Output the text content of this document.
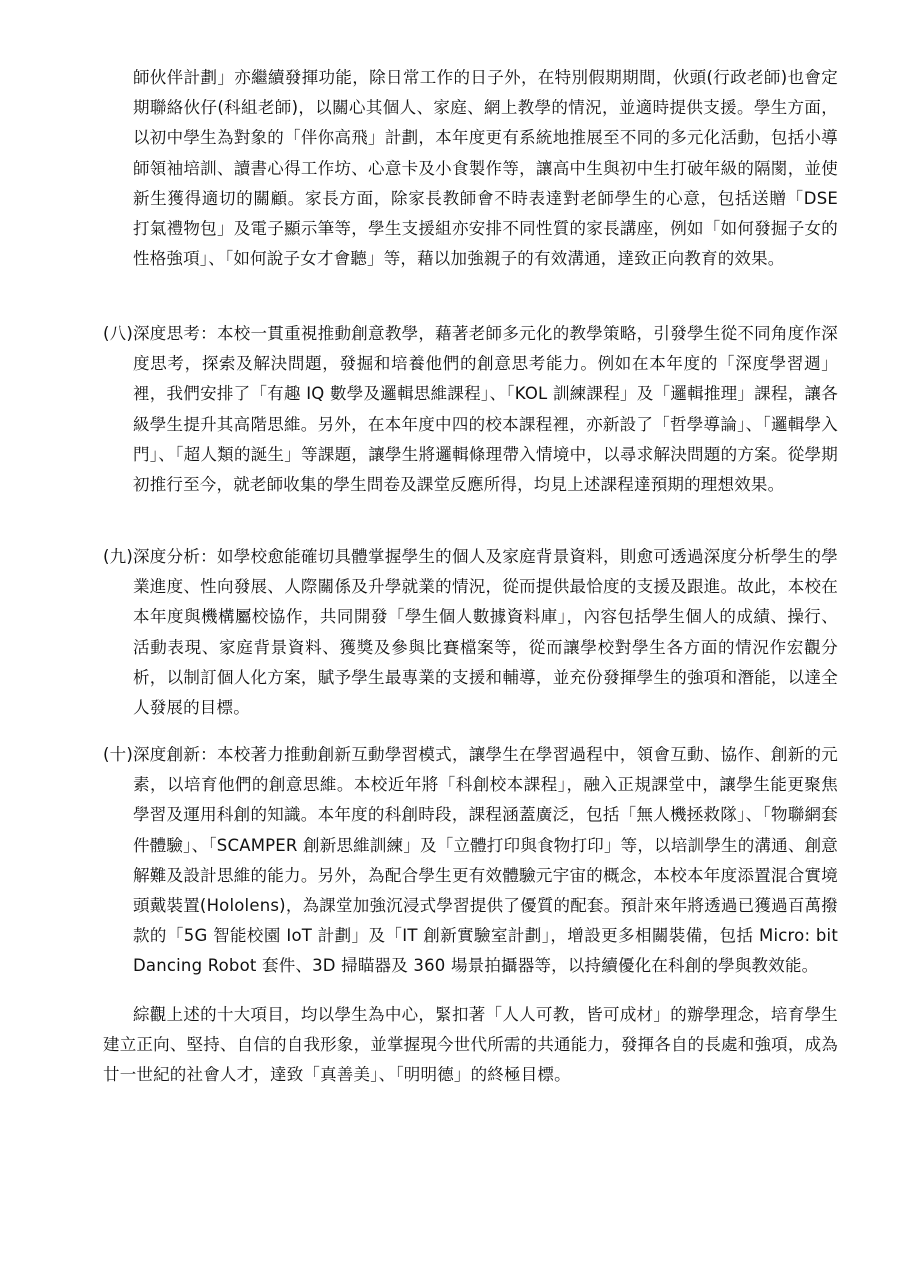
師伙伴計劃」亦繼續發揮功能，除日常工作的日子外，在特別假期期間，伙頭(行政老師)也會定期聯絡伙仔(科組老師)，以關心其個人、家庭、網上教學的情況，並適時提供支援。學生方面，以初中學生為對象的「伴你高飛」計劃，本年度更有系統地推展至不同的多元化活動，包括小導師領袖培訓、讀書心得工作坊、心意卡及小食製作等，讓高中生與初中生打破年級的隔閡，並使新生獲得適切的關顧。家長方面，除家長教師會不時表達對老師學生的心意，包括送贈「DSE 打氣禮物包」及電子顯示筆等，學生支援組亦安排不同性質的家長講座，例如「如何發掘子女的性格強項」、「如何說子女才會聽」等，藉以加強親子的有效溝通，達致正向教育的效果。

(八) 深度思考：本校一貫重視推動創意教學，藉著老師多元化的教學策略，引發學生從不同角度作深度思考，探索及解決問題，發掘和培養他們的創意思考能力。例如在本年度的「深度學習週」裡，我們安排了「有趣 IQ 數學及邏輯思維課程」、「KOL 訓練課程」及「邏輯推理」課程，讓各級學生提升其高階思維。另外，在本年度中四的校本課程裡，亦新設了「哲學導論」、「邏輯學入門」、「超人類的誕生」等課題，讓學生將邏輯條理帶入情境中，以尋求解決問題的方案。從學期初推行至今，就老師收集的學生問卷及課堂反應所得，均見上述課程達預期的理想效果。
(九) 深度分析：如學校愈能確切具體掌握學生的個人及家庭背景資料，則愈可透過深度分析學生的學業進度、性向發展、人際關係及升學就業的情況，從而提供最恰度的支援及跟進。故此，本校在本年度與機構屬校協作，共同開發「學生個人數據資料庫」，內容包括學生個人的成績、操行、活動表現、家庭背景資料、獲獎及參與比賽檔案等，從而讓學校對學生各方面的情況作宏觀分析，以制訂個人化方案，賦予學生最專業的支援和輔導，並充份發揮學生的強項和潛能，以達全人發展的目標。
(十) 深度創新：本校著力推動創新互動學習模式，讓學生在學習過程中，領會互動、協作、創新的元素，以培育他們的創意思維。本校近年將「科創校本課程」，融入正規課堂中，讓學生能更聚焦學習及運用科創的知識。本年度的科創時段，課程涵蓋廣泛，包括「無人機拯救隊」、「物聯網套件體驗」、「SCAMPER 創新思維訓練」及「立體打印與食物打印」等，以培訓學生的溝通、創意解難及設計思維的能力。另外，為配合學生更有效體驗元宇宙的概念，本校本年度添置混合實境頭戴裝置(Hololens)，為課堂加強沉浸式學習提供了優質的配套。預計來年將透過已獲過百萬撥款的「5G 智能校園 IoT 計劃」及「IT 創新實驗室計劃」，增設更多相關裝備，包括 Micro: bit Dancing Robot 套件、3D 掃瞄器及 360 場景拍攝器等，以持續優化在科創的學與教效能。

綜觀上述的十大項目，均以學生為中心，緊扣著「人人可教，皆可成材」的辦學理念，培育學生建立正向、堅持、自信的自我形象，並掌握現今世代所需的共通能力，發揮各自的長處和強項，成為廿一世紀的社會人才，達致「真善美」、「明明德」的終極目標。
